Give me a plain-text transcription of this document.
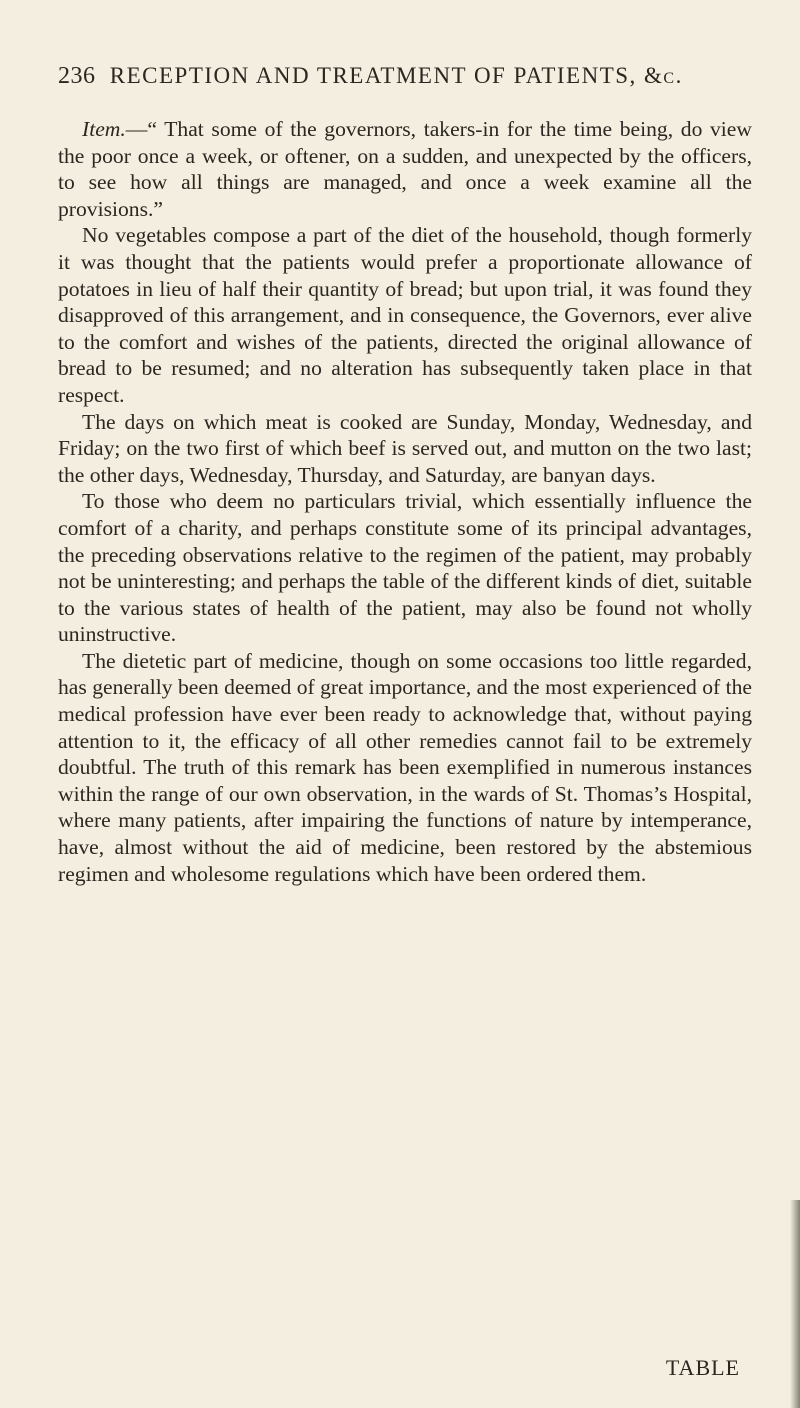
236 RECEPTION AND TREATMENT OF PATIENTS, &c.

Item.—“ That some of the governors, takers-in for the time being, do view the poor once a week, or oftener, on a sudden, and unexpected by the officers, to see how all things are managed, and once a week examine all the provisions.”

No vegetables compose a part of the diet of the household, though formerly it was thought that the patients would prefer a proportionate allowance of potatoes in lieu of half their quantity of bread; but upon trial, it was found they disapproved of this arrangement, and in consequence, the Governors, ever alive to the comfort and wishes of the patients, directed the original allowance of bread to be resumed; and no alteration has subsequently taken place in that respect.

The days on which meat is cooked are Sunday, Monday, Wednesday, and Friday; on the two first of which beef is served out, and mutton on the two last; the other days, Wednesday, Thursday, and Saturday, are banyan days.

To those who deem no particulars trivial, which essentially influence the comfort of a charity, and perhaps constitute some of its principal advantages, the preceding observations relative to the regimen of the patient, may probably not be uninteresting; and perhaps the table of the different kinds of diet, suitable to the various states of health of the patient, may also be found not wholly uninstructive.

The dietetic part of medicine, though on some occasions too little regarded, has generally been deemed of great importance, and the most experienced of the medical profession have ever been ready to acknowledge that, without paying attention to it, the efficacy of all other remedies cannot fail to be extremely doubtful. The truth of this remark has been exemplified in numerous instances within the range of our own observation, in the wards of St. Thomas’s Hospital, where many patients, after impairing the functions of nature by intemperance, have, almost without the aid of medicine, been restored by the abstemious regimen and wholesome regulations which have been ordered them.

TABLE
